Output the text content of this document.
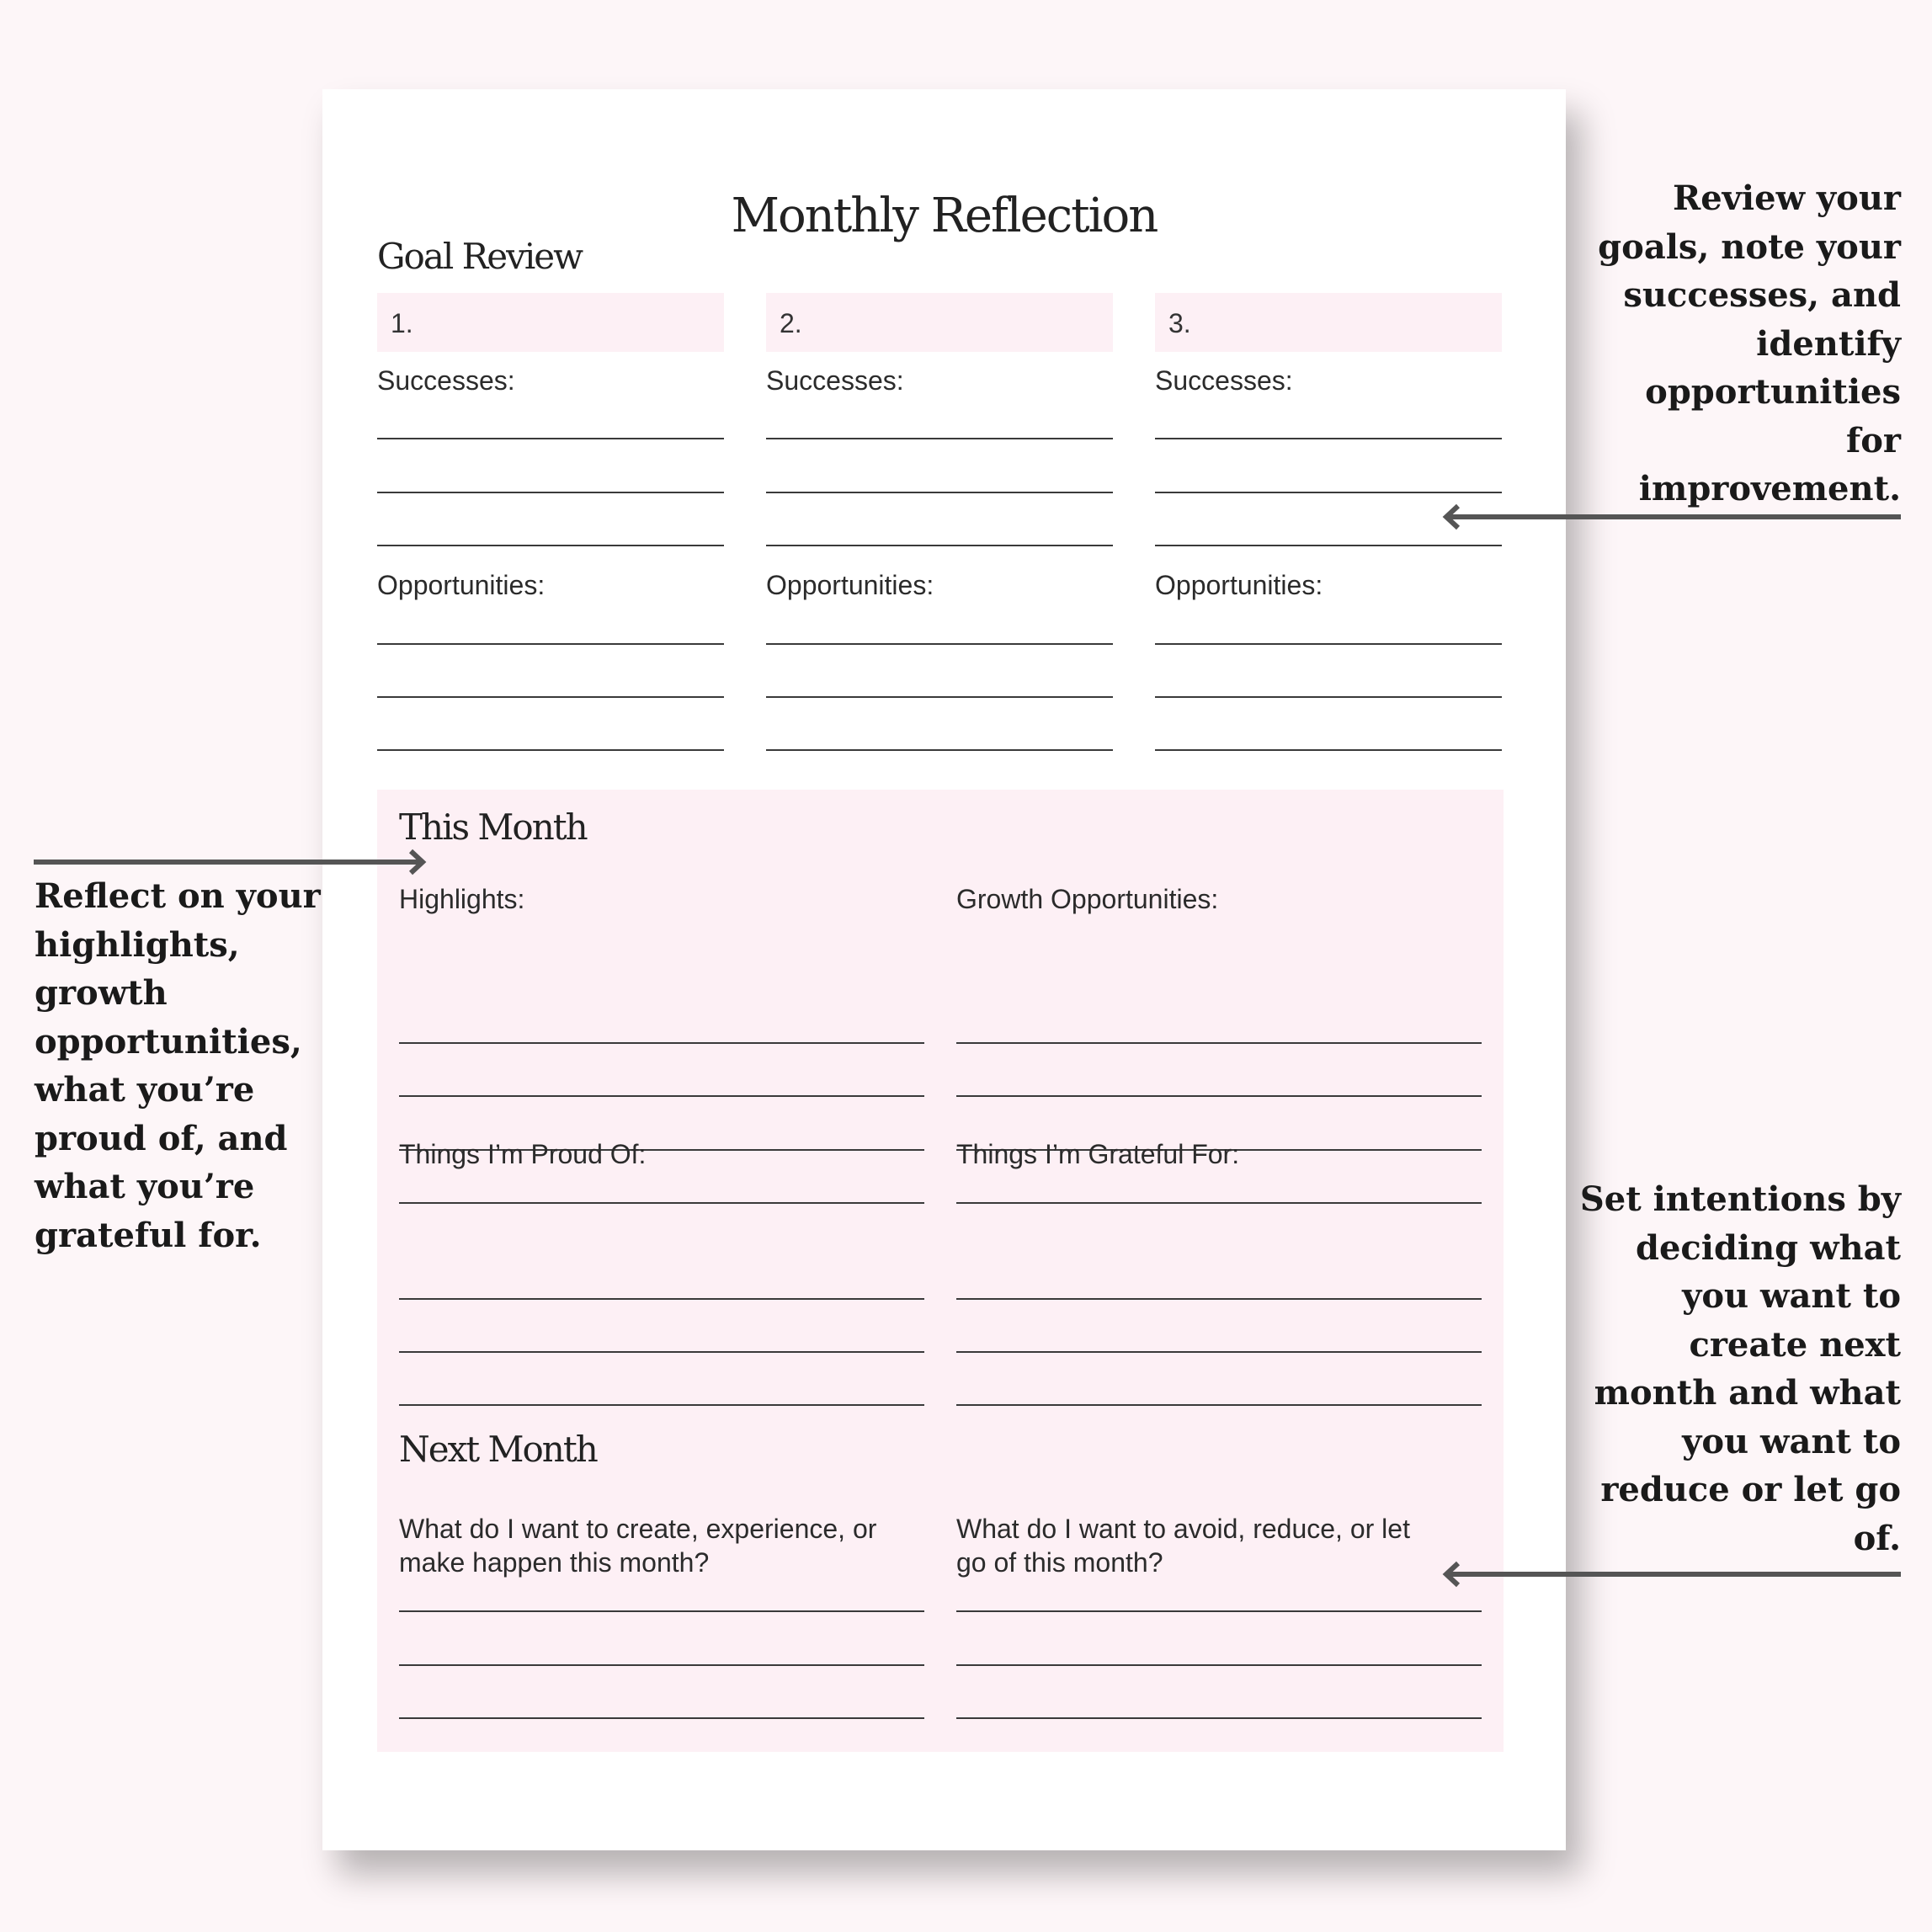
Monthly Reflection
Goal Review
1.
Successes:
Opportunities:
2.
Successes:
Opportunities:
3.
Successes:
Opportunities:
This Month
Highlights:	Growth Opportunities:
Things I’m Proud Of:	Things I’m Grateful For:
Next Month
What do I want to create, experience, or
make happen this month?
What do I want to avoid, reduce, or let
go of this month?
Review your
goals, note your
successes, and
identify
opportunities
for
improvement.
Reflect on your
highlights,
growth
opportunities,
what you’re
proud of, and
what you’re
grateful for.
Set intentions by
deciding what
you want to
create next
month and what
you want to
reduce or let go
of.
